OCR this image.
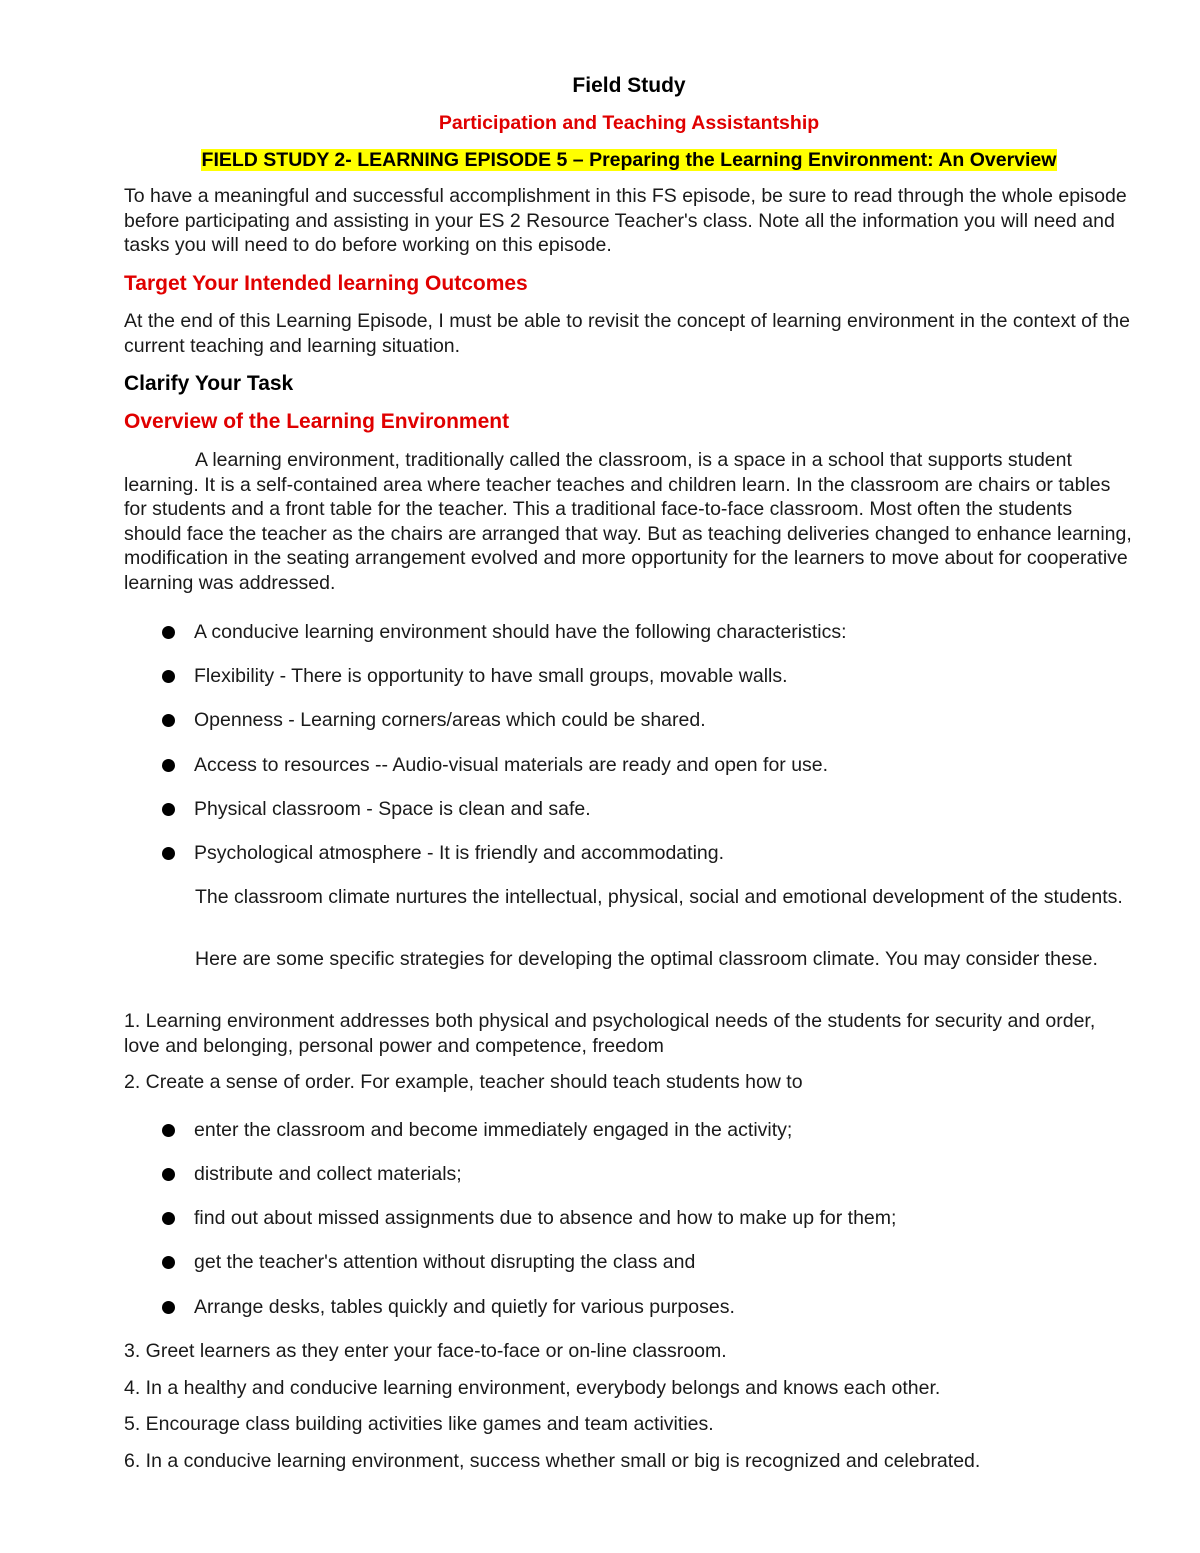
Field Study
Participation and Teaching Assistantship
FIELD STUDY 2- LEARNING EPISODE 5 – Preparing the Learning Environment: An Overview
To have a meaningful and successful accomplishment in this FS episode, be sure to read through the whole episode before participating and assisting in your ES 2 Resource Teacher's class. Note all the information you will need and tasks you will need to do before working on this episode.
Target Your Intended learning Outcomes
At the end of this Learning Episode, I must be able to revisit the concept of learning environment in the context of the current teaching and learning situation.
Clarify Your Task
Overview of the Learning Environment
A learning environment, traditionally called the classroom, is a space in a school that supports student learning. It is a self-contained area where teacher teaches and children learn. In the classroom are chairs or tables for students and a front table for the teacher. This a traditional face-to-face classroom. Most often the students should face the teacher as the chairs are arranged that way. But as teaching deliveries changed to enhance learning, modification in the seating arrangement evolved and more opportunity for the learners to move about for cooperative learning was addressed.
A conducive learning environment should have the following characteristics:
Flexibility - There is opportunity to have small groups, movable walls.
Openness - Learning corners/areas which could be shared.
Access to resources -- Audio-visual materials are ready and open for use.
Physical classroom - Space is clean and safe.
Psychological atmosphere - It is friendly and accommodating.
The classroom climate nurtures the intellectual, physical, social and emotional development of the students.
Here are some specific strategies for developing the optimal classroom climate. You may consider these.
1. Learning environment addresses both physical and psychological needs of the students for security and order, love and belonging, personal power and competence, freedom
2. Create a sense of order. For example, teacher should teach students how to
enter the classroom and become immediately engaged in the activity;
distribute and collect materials;
find out about missed assignments due to absence and how to make up for them;
get the teacher's attention without disrupting the class and
Arrange desks, tables quickly and quietly for various purposes.
3. Greet learners as they enter your face-to-face or on-line classroom.
4. In a healthy and conducive learning environment, everybody belongs and knows each other.
5. Encourage class building activities like games and team activities.
6. In a conducive learning environment, success whether small or big is recognized and celebrated.
